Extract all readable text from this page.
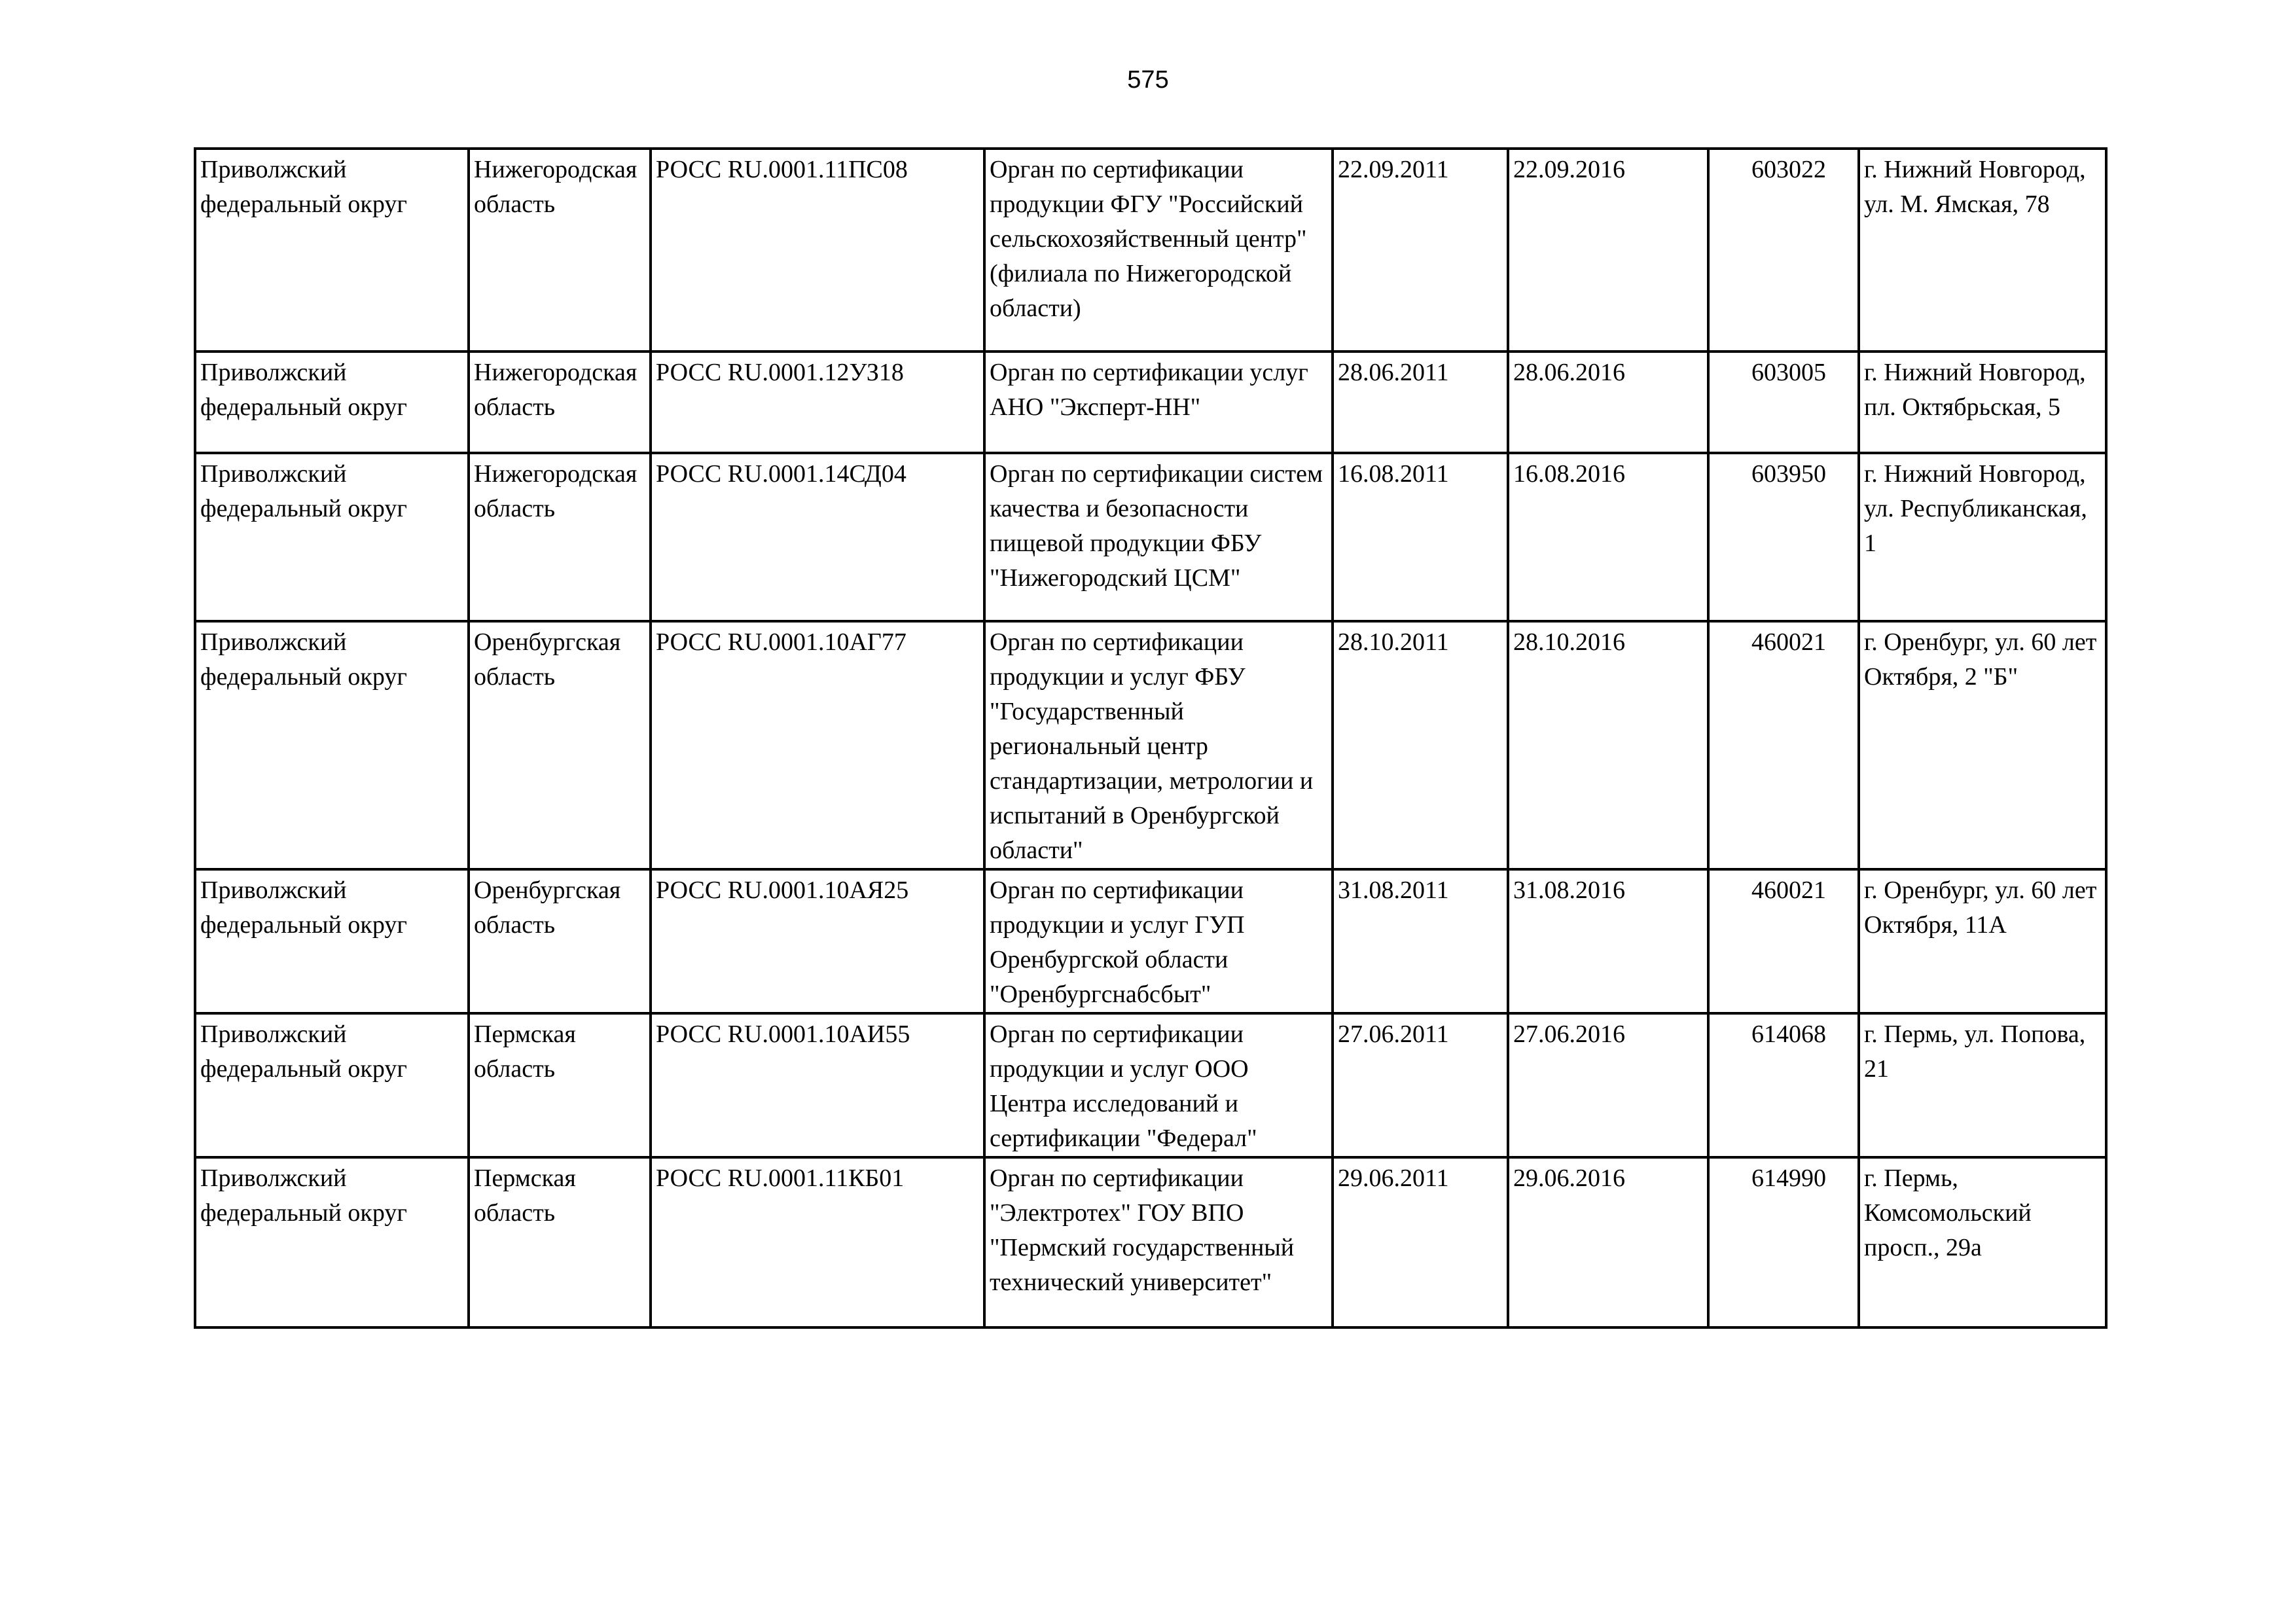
575
Приволжский федеральный округ	Нижегородская область	РОСС RU.0001.11ПС08	Орган по сертификации продукции ФГУ "Российский сельскохозяйственный центр" (филиала по Нижегородской области)	22.09.2011	22.09.2016	603022	г. Нижний Новгород, ул. М. Ямская, 78
Приволжский федеральный округ	Нижегородская область	РОСС RU.0001.12УЗ18	Орган по сертификации услуг АНО "Эксперт-НН"	28.06.2011	28.06.2016	603005	г. Нижний Новгород, пл. Октябрьская, 5
Приволжский федеральный округ	Нижегородская область	РОСС RU.0001.14СД04	Орган по сертификации систем качества и безопасности пищевой продукции ФБУ "Нижегородский ЦСМ"	16.08.2011	16.08.2016	603950	г. Нижний Новгород, ул. Республиканская, 1
Приволжский федеральный округ	Оренбургская область	РОСС RU.0001.10АГ77	Орган по сертификации продукции и услуг ФБУ "Государственный региональный центр стандартизации, метрологии и испытаний в Оренбургской области"	28.10.2011	28.10.2016	460021	г. Оренбург, ул. 60 лет Октября, 2 "Б"
Приволжский федеральный округ	Оренбургская область	РОСС RU.0001.10АЯ25	Орган по сертификации продукции и услуг ГУП Оренбургской области "Оренбургснабсбыт"	31.08.2011	31.08.2016	460021	г. Оренбург, ул. 60 лет Октября, 11А
Приволжский федеральный округ	Пермская область	РОСС RU.0001.10АИ55	Орган по сертификации продукции и услуг ООО Центра исследований и сертификации "Федерал"	27.06.2011	27.06.2016	614068	г. Пермь, ул. Попова, 21
Приволжский федеральный округ	Пермская область	РОСС RU.0001.11КБ01	Орган по сертификации "Электротех" ГОУ ВПО "Пермский государственный технический университет"	29.06.2011	29.06.2016	614990	г. Пермь, Комсомольский просп., 29а
